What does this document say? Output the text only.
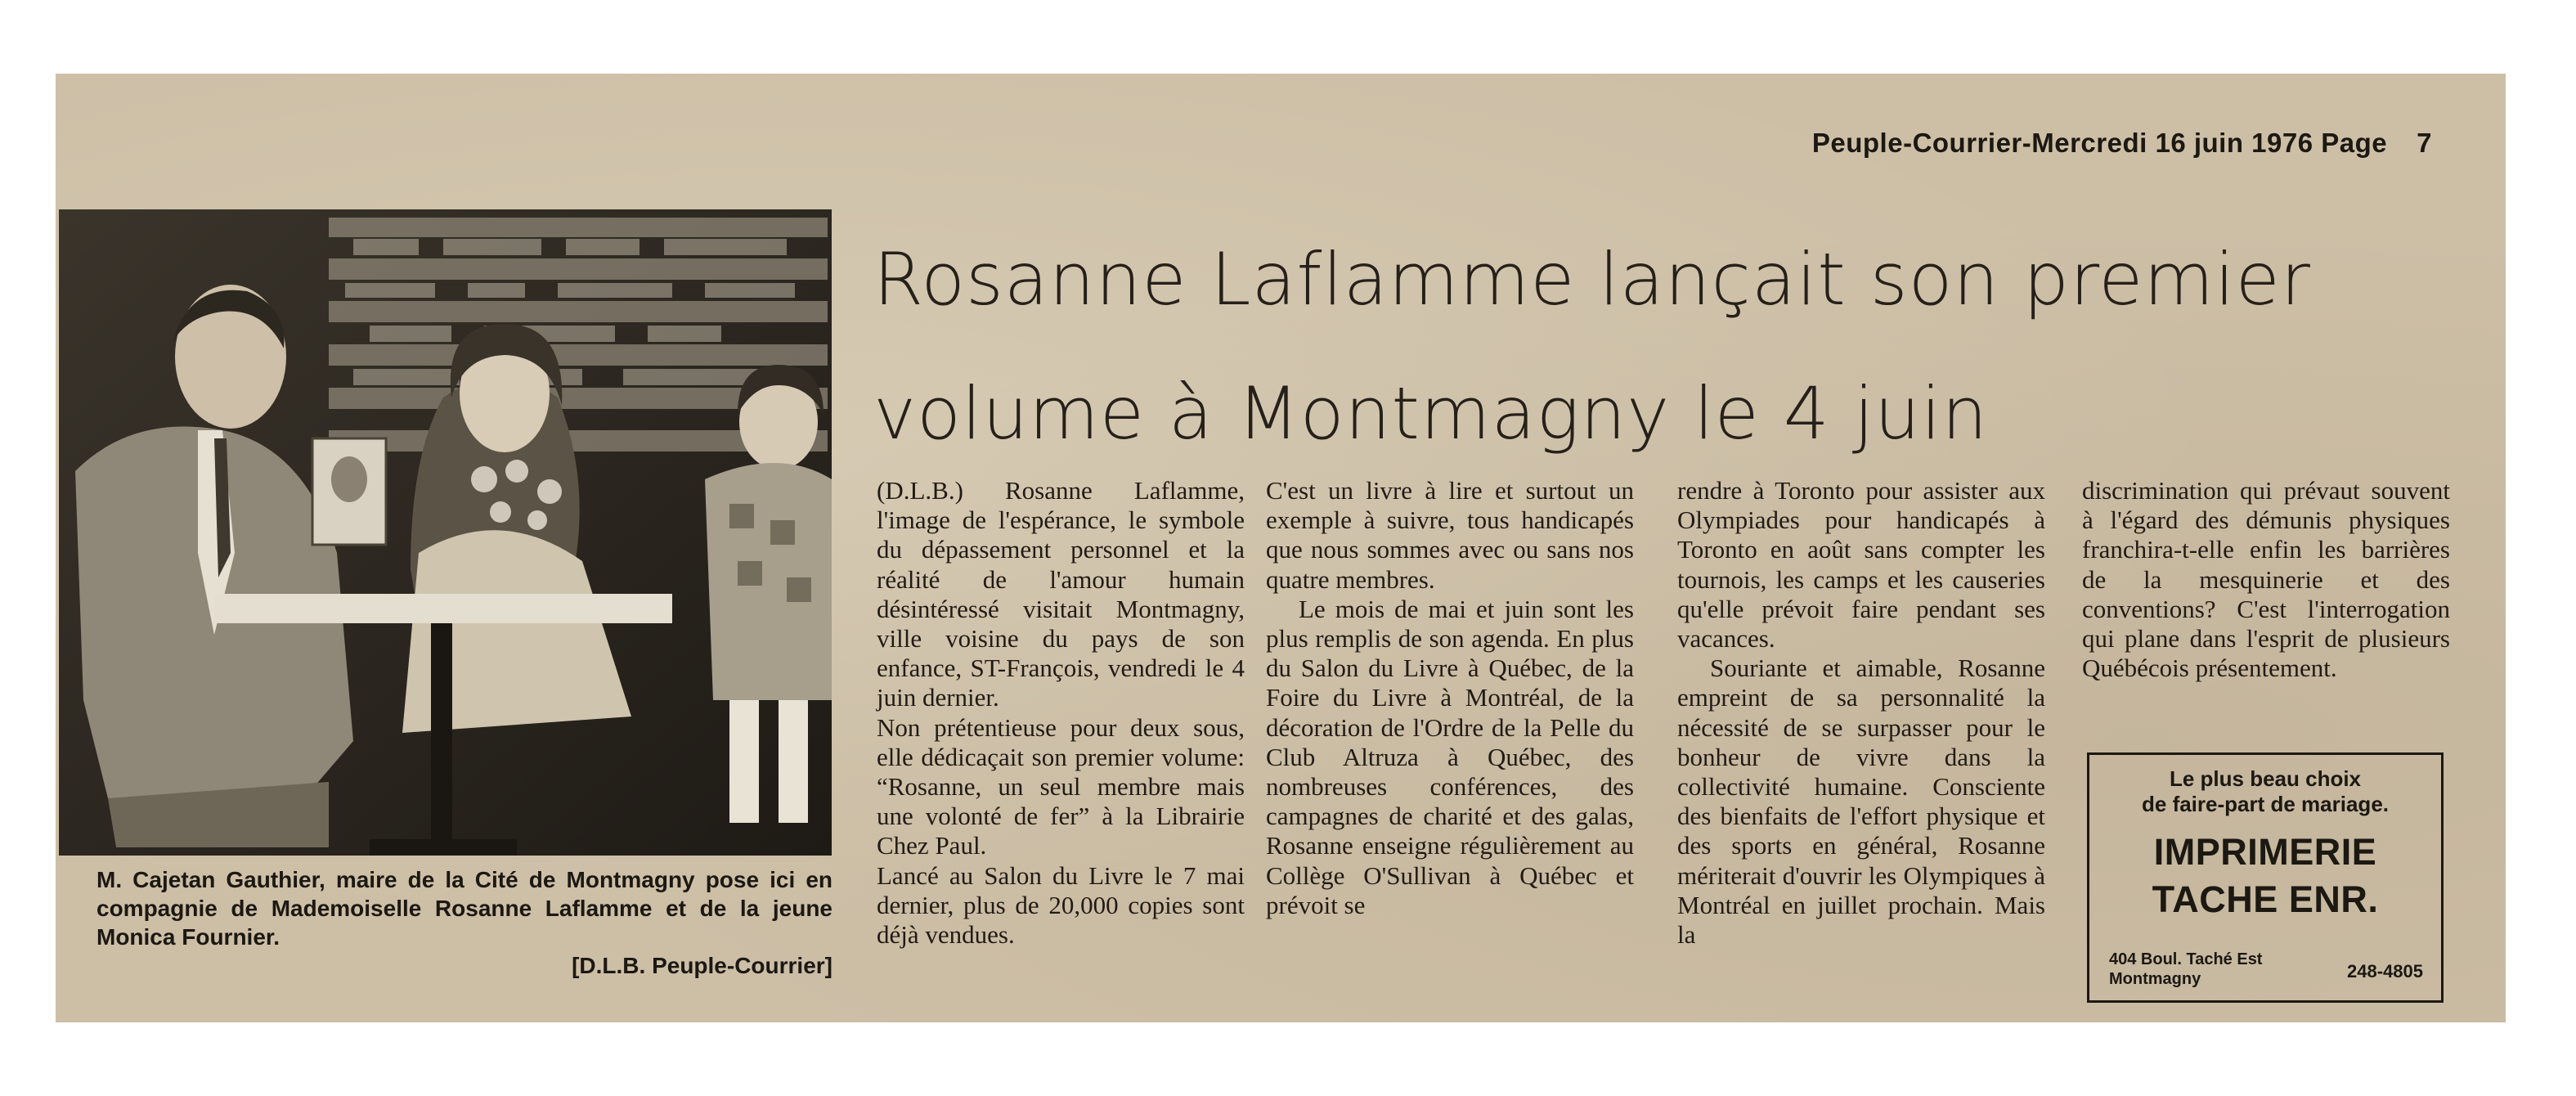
Peuple-Courrier-Mercredi 16 juin 1976 Page 7
Rosanne Laflamme lançait son premier
volume à Montmagny le 4 juin
M. Cajetan Gauthier, maire de la Cité de Montmagny pose ici en compagnie de Mademoiselle Rosanne Laflamme et de la jeune Monica Fournier.
[D.L.B. Peuple-Courrier]

(D.L.B.) Rosanne Laflamme, l'image de l'espérance, le symbole du dépassement personnel et la réalité de l'amour humain désintéressé visitait Montmagny, ville voisine du pays de son enfance, ST-François, vendredi le 4 juin dernier.

Non prétentieuse pour deux sous, elle dédicaçait son premier volume: “Rosanne, un seul membre mais une volonté de fer” à la Librairie Chez Paul.

Lancé au Salon du Livre le 7 mai dernier, plus de 20,000 copies sont déjà vendues.

C'est un livre à lire et surtout un exemple à suivre, tous handicapés que nous sommes avec ou sans nos quatre membres.

Le mois de mai et juin sont les plus remplis de son agenda. En plus du Salon du Livre à Québec, de la Foire du Livre à Montréal, de la décoration de l'Ordre de la Pelle du Club Altruza à Québec, des nombreuses conférences, des campagnes de charité et des galas, Rosanne enseigne régulièrement au Collège O'Sullivan à Québec et prévoit se

rendre à Toronto pour assister aux Olympiades pour handicapés à Toronto en août sans compter les tournois, les camps et les causeries qu'elle prévoit faire pendant ses vacances.

Souriante et aimable, Rosanne empreint de sa personnalité la nécessité de se surpasser pour le bonheur de vivre dans la collectivité humaine. Consciente des bienfaits de l'effort physique et des sports en général, Rosanne mériterait d'ouvrir les Olympiques à Montréal en juillet prochain. Mais la

discrimination qui prévaut souvent à l'égard des démunis physiques franchira-t-elle enfin les barrières de la mesquinerie et des conventions? C'est l'interrogation qui plane dans l'esprit de plusieurs Québécois présentement.

Le plus beau choix
de faire-part de mariage.
IMPRIMERIE
TACHE ENR.
404 Boul. Taché Est
Montmagny	248-4805
